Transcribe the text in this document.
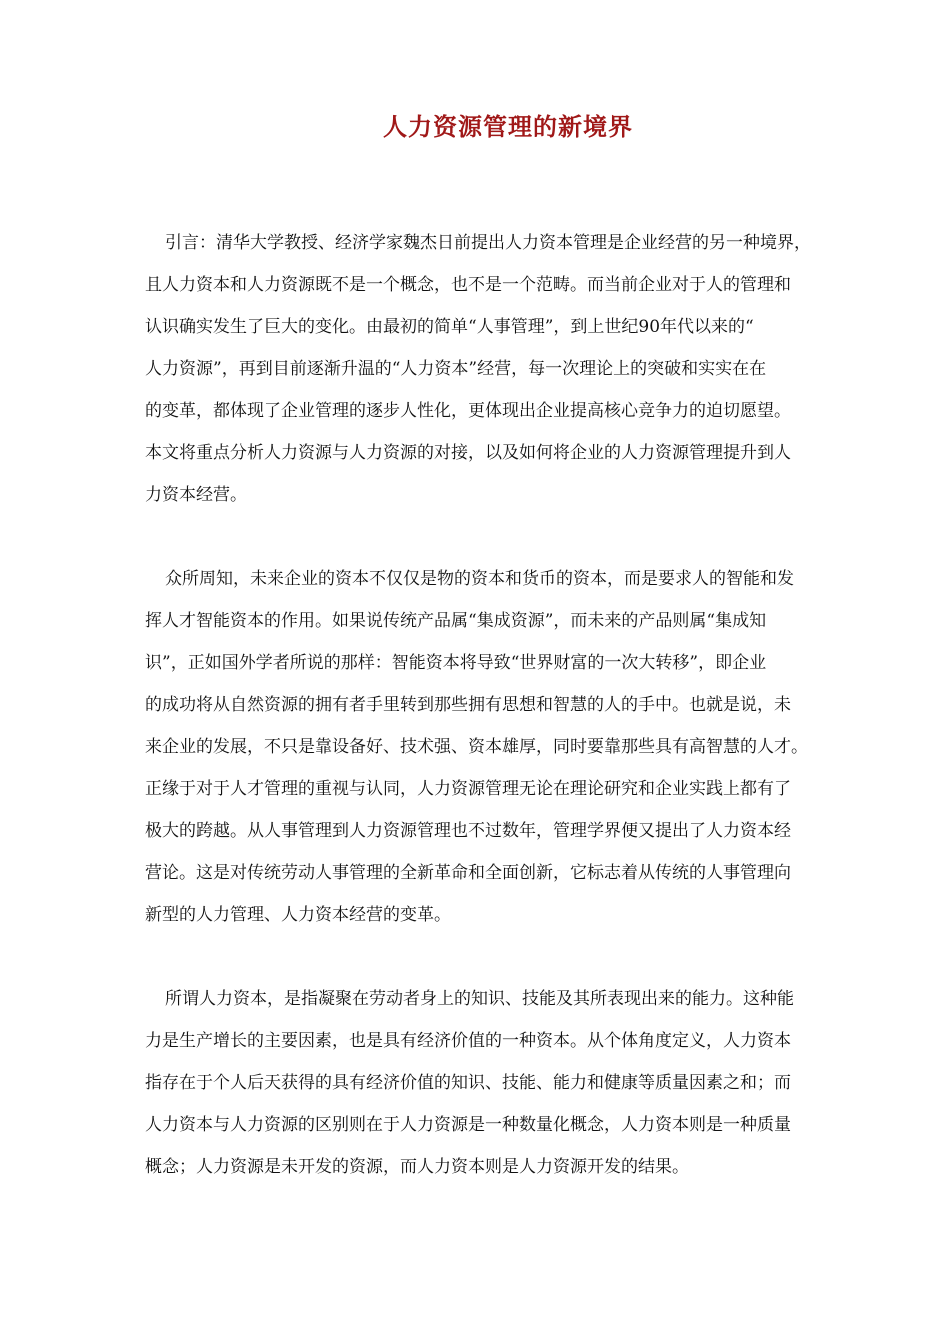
人力资源管理的新境界
引言：清华大学教授、经济学家魏杰日前提出人力资本管理是企业经营的另一种境界，
且人力资本和人力资源既不是一个概念，也不是一个范畴。而当前企业对于人的管理和
认识确实发生了巨大的变化。由最初的简单“人事管理”，到上世纪90年代以来的“
人力资源”，再到目前逐渐升温的“人力资本”经营，每一次理论上的突破和实实在在
的变革，都体现了企业管理的逐步人性化，更体现出企业提高核心竞争力的迫切愿望。
本文将重点分析人力资源与人力资源的对接，以及如何将企业的人力资源管理提升到人
力资本经营。
众所周知，未来企业的资本不仅仅是物的资本和货币的资本，而是要求人的智能和发
挥人才智能资本的作用。如果说传统产品属“集成资源”，而未来的产品则属“集成知
识”，正如国外学者所说的那样：智能资本将导致“世界财富的一次大转移”，即企业
的成功将从自然资源的拥有者手里转到那些拥有思想和智慧的人的手中。也就是说，未
来企业的发展，不只是靠设备好、技术强、资本雄厚，同时要靠那些具有高智慧的人才。
正缘于对于人才管理的重视与认同，人力资源管理无论在理论研究和企业实践上都有了
极大的跨越。从人事管理到人力资源管理也不过数年，管理学界便又提出了人力资本经
营论。这是对传统劳动人事管理的全新革命和全面创新，它标志着从传统的人事管理向
新型的人力管理、人力资本经营的变革。
所谓人力资本，是指凝聚在劳动者身上的知识、技能及其所表现出来的能力。这种能
力是生产增长的主要因素，也是具有经济价值的一种资本。从个体角度定义，人力资本
指存在于个人后天获得的具有经济价值的知识、技能、能力和健康等质量因素之和；而
人力资本与人力资源的区别则在于人力资源是一种数量化概念，人力资本则是一种质量
概念；人力资源是未开发的资源，而人力资本则是人力资源开发的结果。
